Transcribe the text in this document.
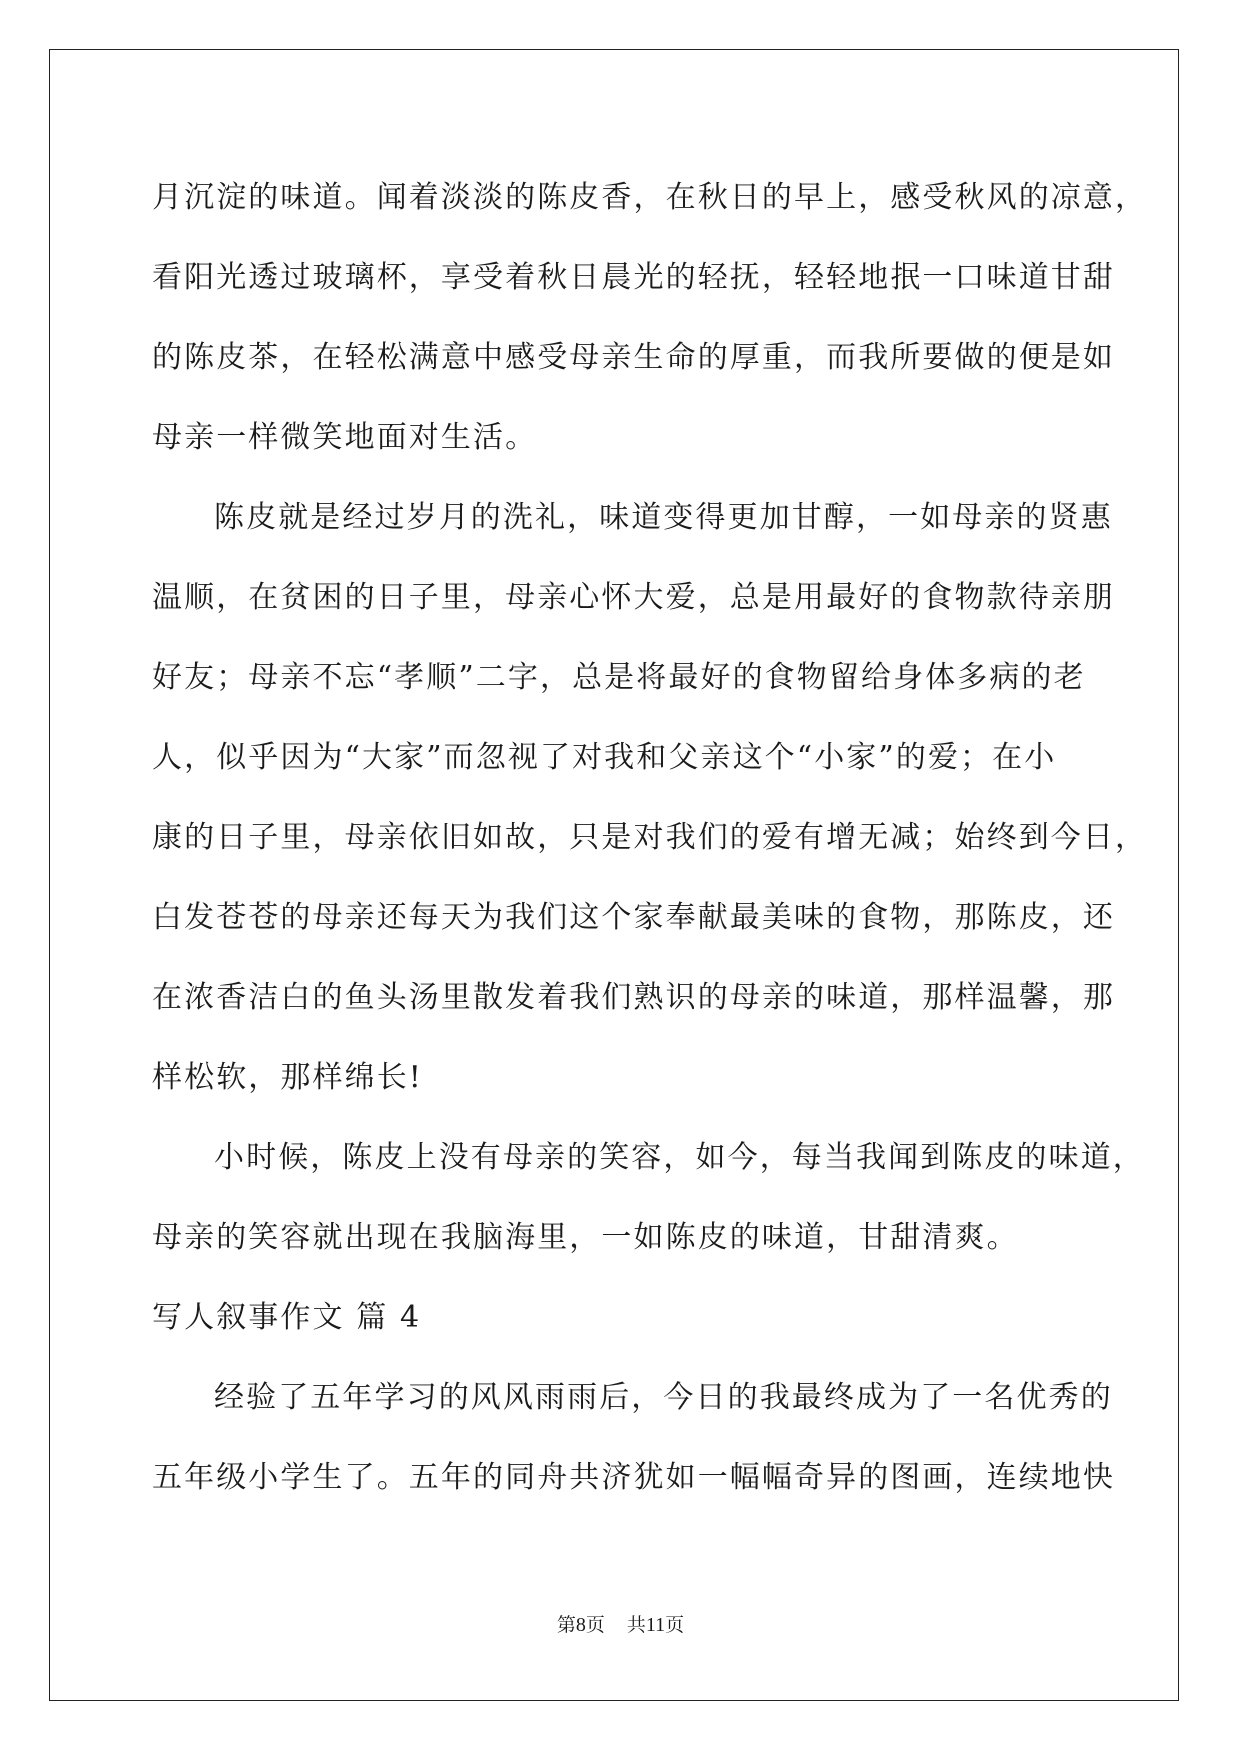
月沉淀的味道。闻着淡淡的陈皮香，在秋日的早上，感受秋风的凉意，
看阳光透过玻璃杯，享受着秋日晨光的轻抚，轻轻地抿一口味道甘甜
的陈皮茶，在轻松满意中感受母亲生命的厚重，而我所要做的便是如
母亲一样微笑地面对生活。
陈皮就是经过岁月的洗礼，味道变得更加甘醇，一如母亲的贤惠
温顺，在贫困的日子里，母亲心怀大爱，总是用最好的食物款待亲朋
好友；母亲不忘“孝顺”二字，总是将最好的食物留给身体多病的老
人，似乎因为“大家”而忽视了对我和父亲这个“小家”的爱；在小
康的日子里，母亲依旧如故，只是对我们的爱有增无减；始终到今日，
白发苍苍的母亲还每天为我们这个家奉献最美味的食物，那陈皮，还
在浓香洁白的鱼头汤里散发着我们熟识的母亲的味道，那样温馨，那
样松软，那样绵长!
小时候，陈皮上没有母亲的笑容，如今，每当我闻到陈皮的味道，
母亲的笑容就出现在我脑海里，一如陈皮的味道，甘甜清爽。
写人叙事作文 篇 4
经验了五年学习的风风雨雨后，今日的我最终成为了一名优秀的
五年级小学生了。五年的同舟共济犹如一幅幅奇异的图画，连续地快
第8页 共11页
